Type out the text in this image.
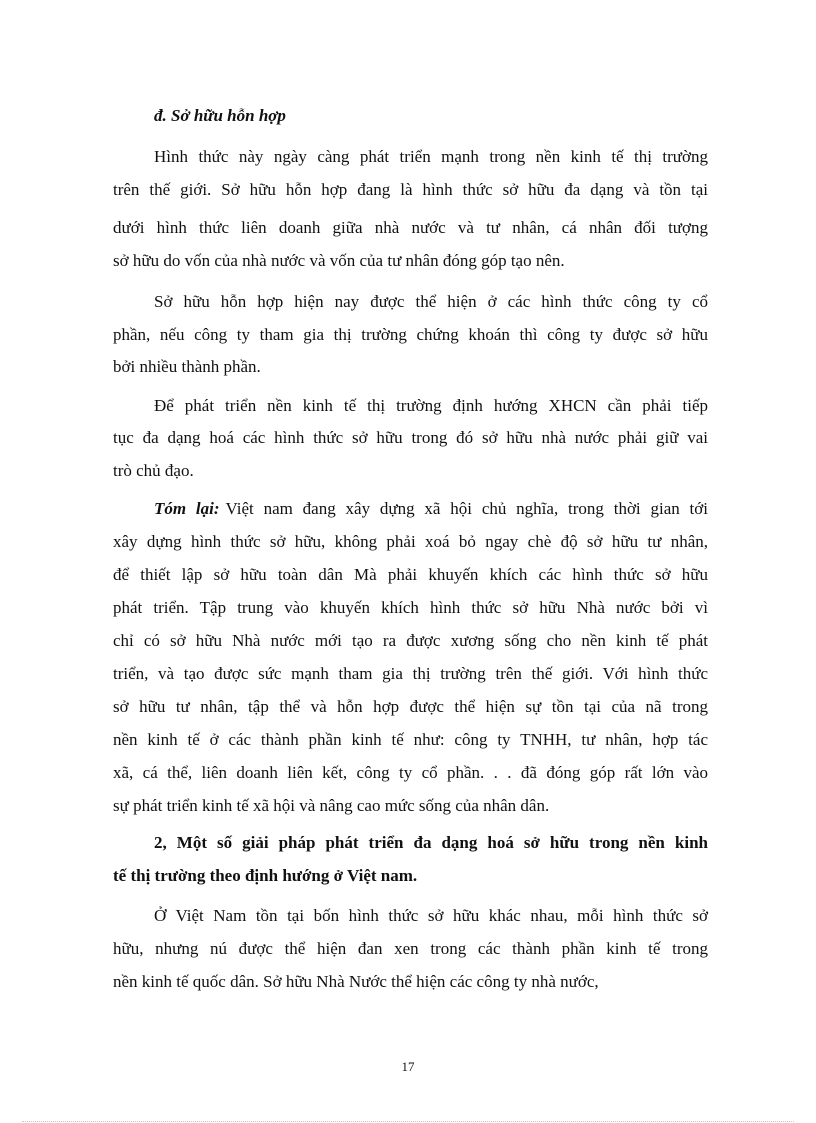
đ. Sở hữu hỗn hợp
Hình thức này ngày càng phát triển mạnh trong nền kinh tế thị trường
trên thế giới. Sở hữu hỗn hợp đang là hình thức sở hữu đa dạng và tồn tại
dưới hình thức liên doanh giữa nhà nước và tư nhân, cá nhân đối tượng
sở hữu do vốn của nhà nước và vốn của tư nhân đóng góp tạo nên.
Sở hữu hỗn hợp hiện nay được thể hiện ở các hình thức công ty cổ
phần, nếu công ty tham gia thị trường chứng khoán thì công ty được sở hữu
bởi nhiều thành phần.
Để phát triển nền kinh tế thị trường định hướng XHCN cần phải tiếp
tục đa dạng hoá các hình thức sở hữu trong đó sở hữu nhà nước phải giữ vai
trò chủ đạo.
Tóm lại: Việt nam đang xây dựng xã hội chủ nghĩa, trong thời gian tới
xây dựng hình thức sở hữu, không phải xoá bỏ ngay chè độ sở hữu tư nhân,
để thiết lập sở hữu toàn dân Mà phải khuyến khích các hình thức sở hữu
phát triển. Tập trung vào khuyến khích hình thức sở hữu Nhà nước bởi vì
chỉ có sở hữu Nhà nước mới tạo ra được xương sống cho nền kinh tế phát
triển, và tạo được sức mạnh tham gia thị trường trên thế giới. Với hình thức
sở hữu tư nhân, tập thể và hỗn hợp được thể hiện sự tồn tại của nã trong
nền kinh tế ở các thành phần kinh tế như: công ty TNHH, tư nhân, hợp tác
xã, cá thể, liên doanh liên kết, công ty cổ phần. . . đã đóng góp rất lớn vào
sự phát triển kinh tế xã hội và nâng cao mức sống của nhân dân.
2, Một số giải pháp phát triển đa dạng hoá sở hữu trong nền kinh
tế thị trường theo định hướng ở Việt nam.
Ở Việt Nam tồn tại bốn hình thức sở hữu khác nhau, mỗi hình thức sở
hữu, nhưng nú được thể hiện đan xen trong các thành phần kinh tế trong
nền kinh tế quốc dân. Sở hữu Nhà Nước thể hiện các công ty nhà nước,
17
